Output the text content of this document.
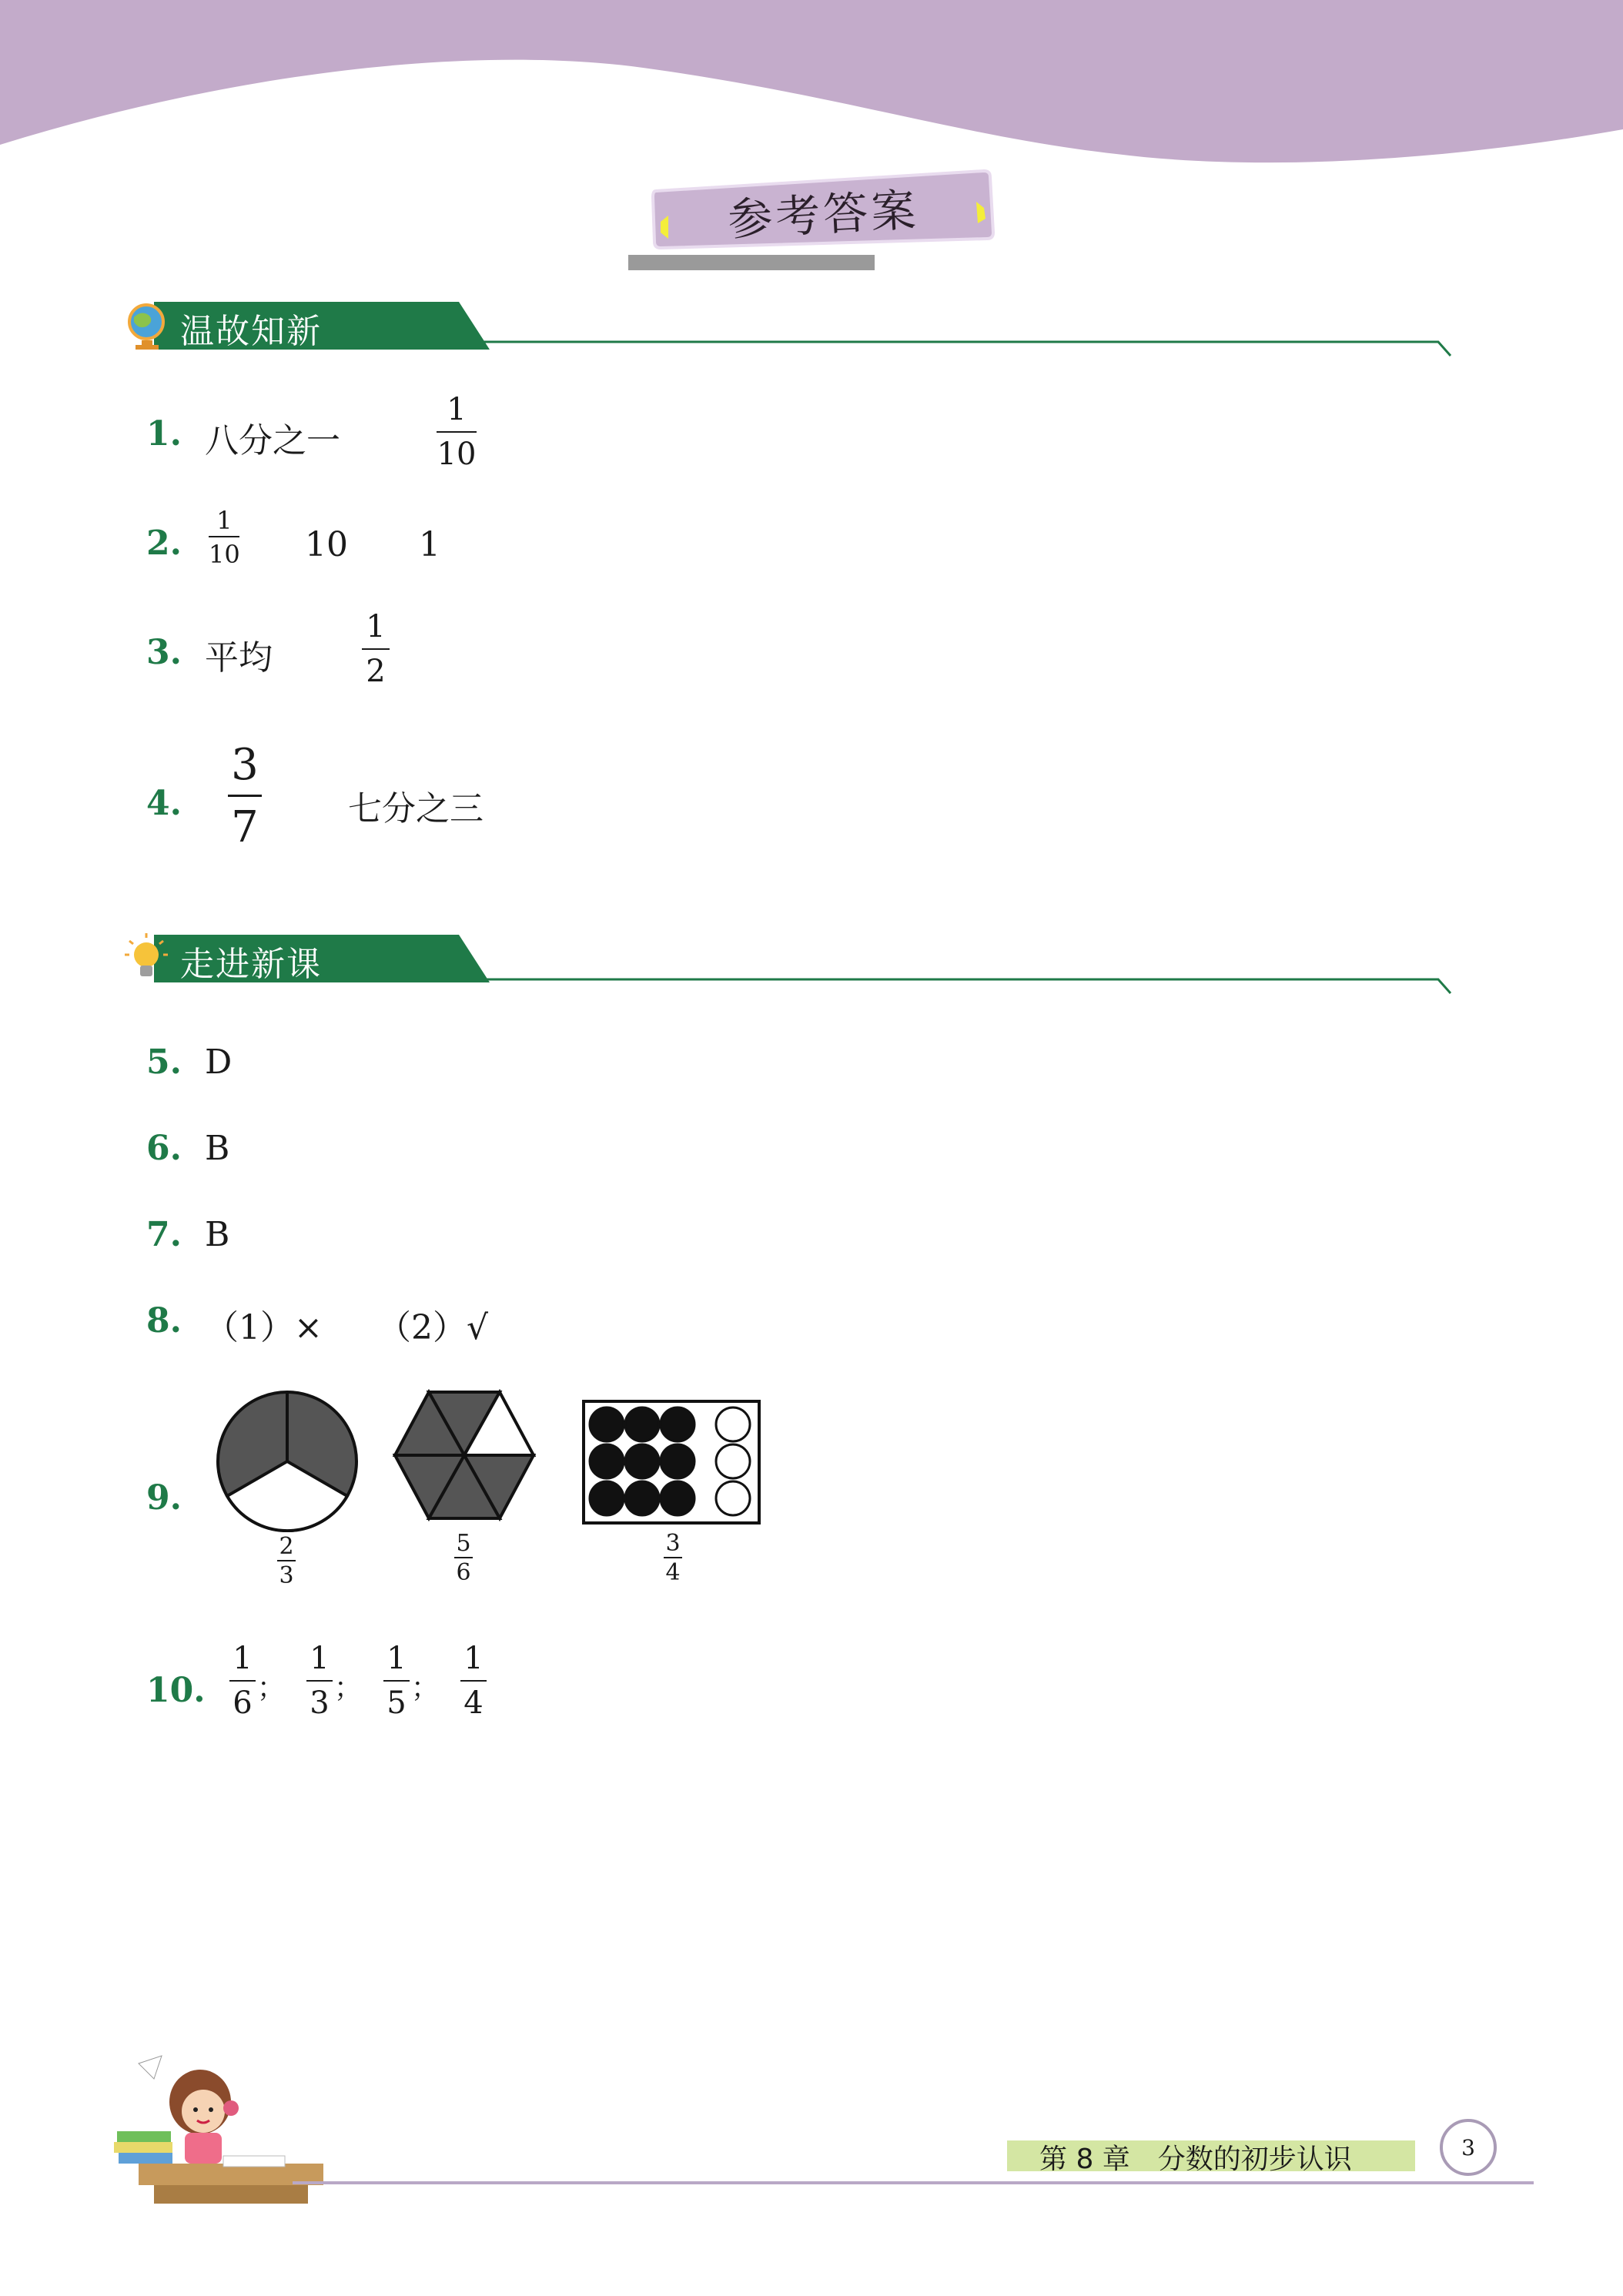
参考答案
温故知新
1. 八分之一
1
10
2.
1
10 10 1
3. 平均
1
2
4.
3
7	七分之三
走进新课
5. D
6. B
7. B
8. （1）× （2）√
9.
2
3
5
6
3
4
10.
1
6 ；
1
3 ；
1
5 ；
1
4
第 8 章　分数的初步认识	3
